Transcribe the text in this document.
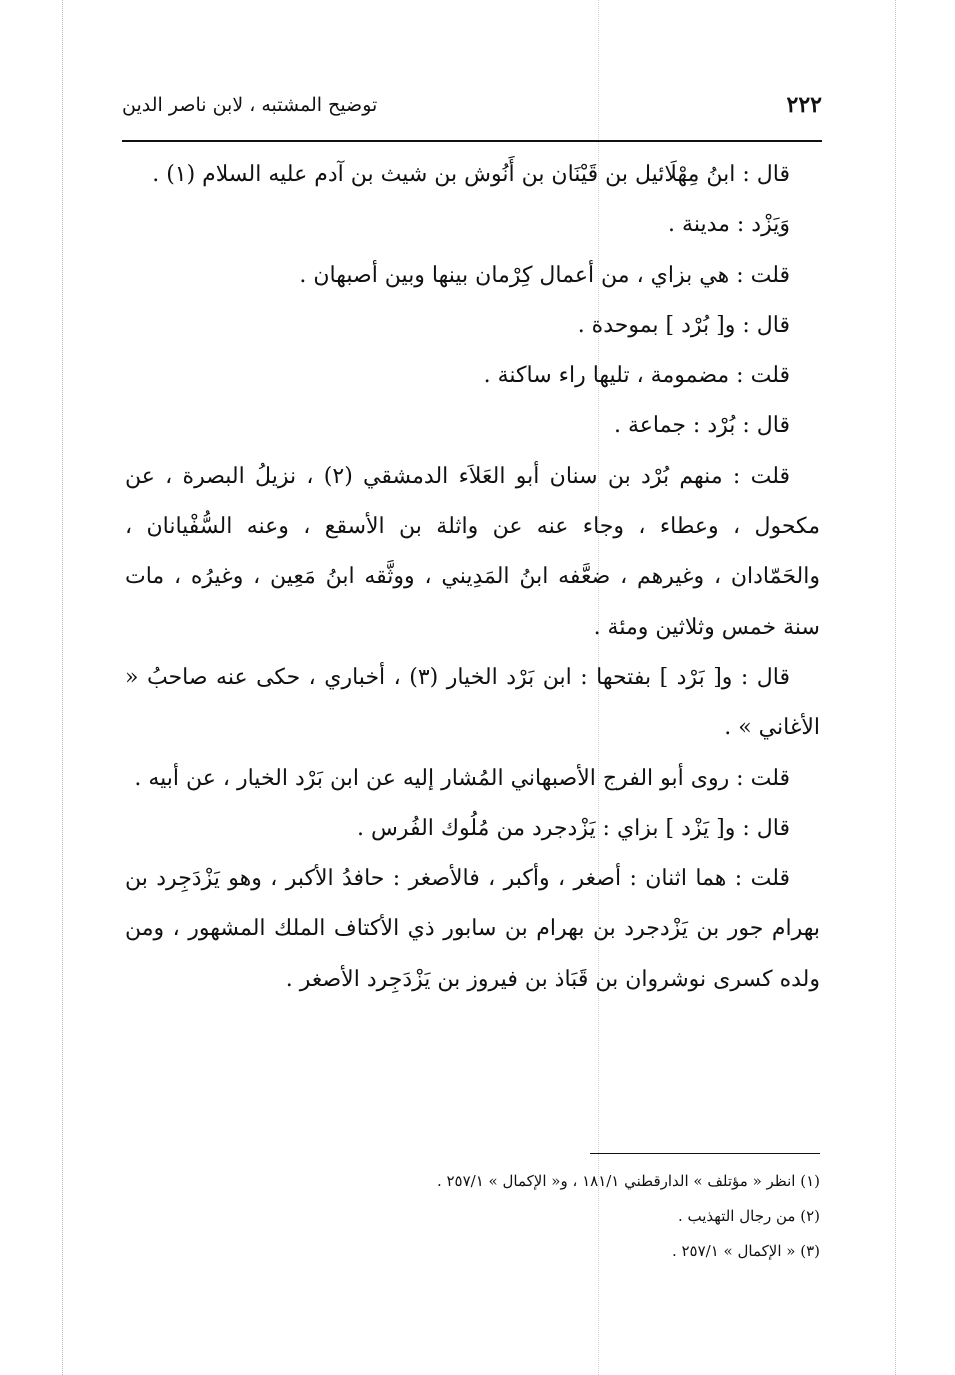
توضيح المشتبه ، لابن ناصر الدين	٢٢٢

قال : ابنُ مِهْلَائيل بن قَيْنَان بن أَنُوش بن شيث بن آدم عليه السلام (١) .

وَيَزْد : مدينة .

قلت : هي بزاي ، من أعمال كِرْمان بينها وبين أصبهان .

قال : و[ بُرْد ] بموحدة .

قلت : مضمومة ، تليها راء ساكنة .

قال : بُرْد : جماعة .

قلت : منهم بُرْد بن سنان أبو العَلاَء الدمشقي (٢) ، نزيلُ البصرة ، عن مكحول ، وعطاء ، وجاء عنه عن واثلة بن الأسقع ، وعنه السُّفْيانان ، والحَمّادان ، وغيرهم ، ضعَّفه ابنُ المَدِيني ، ووثَّقه ابنُ مَعِين ، وغيرُه ، مات سنة خمس وثلاثين ومئة .

قال : و[ بَرْد ] بفتحها : ابن بَرْد الخيار (٣) ، أخباري ، حكى عنه صاحبُ « الأغاني » .

قلت : روى أبو الفرج الأصبهاني المُشار إليه عن ابن بَرْد الخيار ، عن أبيه .

قال : و[ يَزْد ] بزاي : يَزْدجرد من مُلُوك الفُرس .

قلت : هما اثنان : أصغر ، وأكبر ، فالأصغر : حافدُ الأكبر ، وهو يَزْدَجِرد بن بهرام جور بن يَزْدجرد بن بهرام بن سابور ذي الأكتاف الملك المشهور ، ومن ولده كسرى نوشروان بن قَبَاذ بن فيروز بن يَزْدَجِرد الأصغر .

(١) انظر « مؤتلف » الدارقطني ١٨١/١ ، و« الإكمال » ٢٥٧/١ .

(٢) من رجال التهذيب .

(٣) « الإكمال » ٢٥٧/١ .
